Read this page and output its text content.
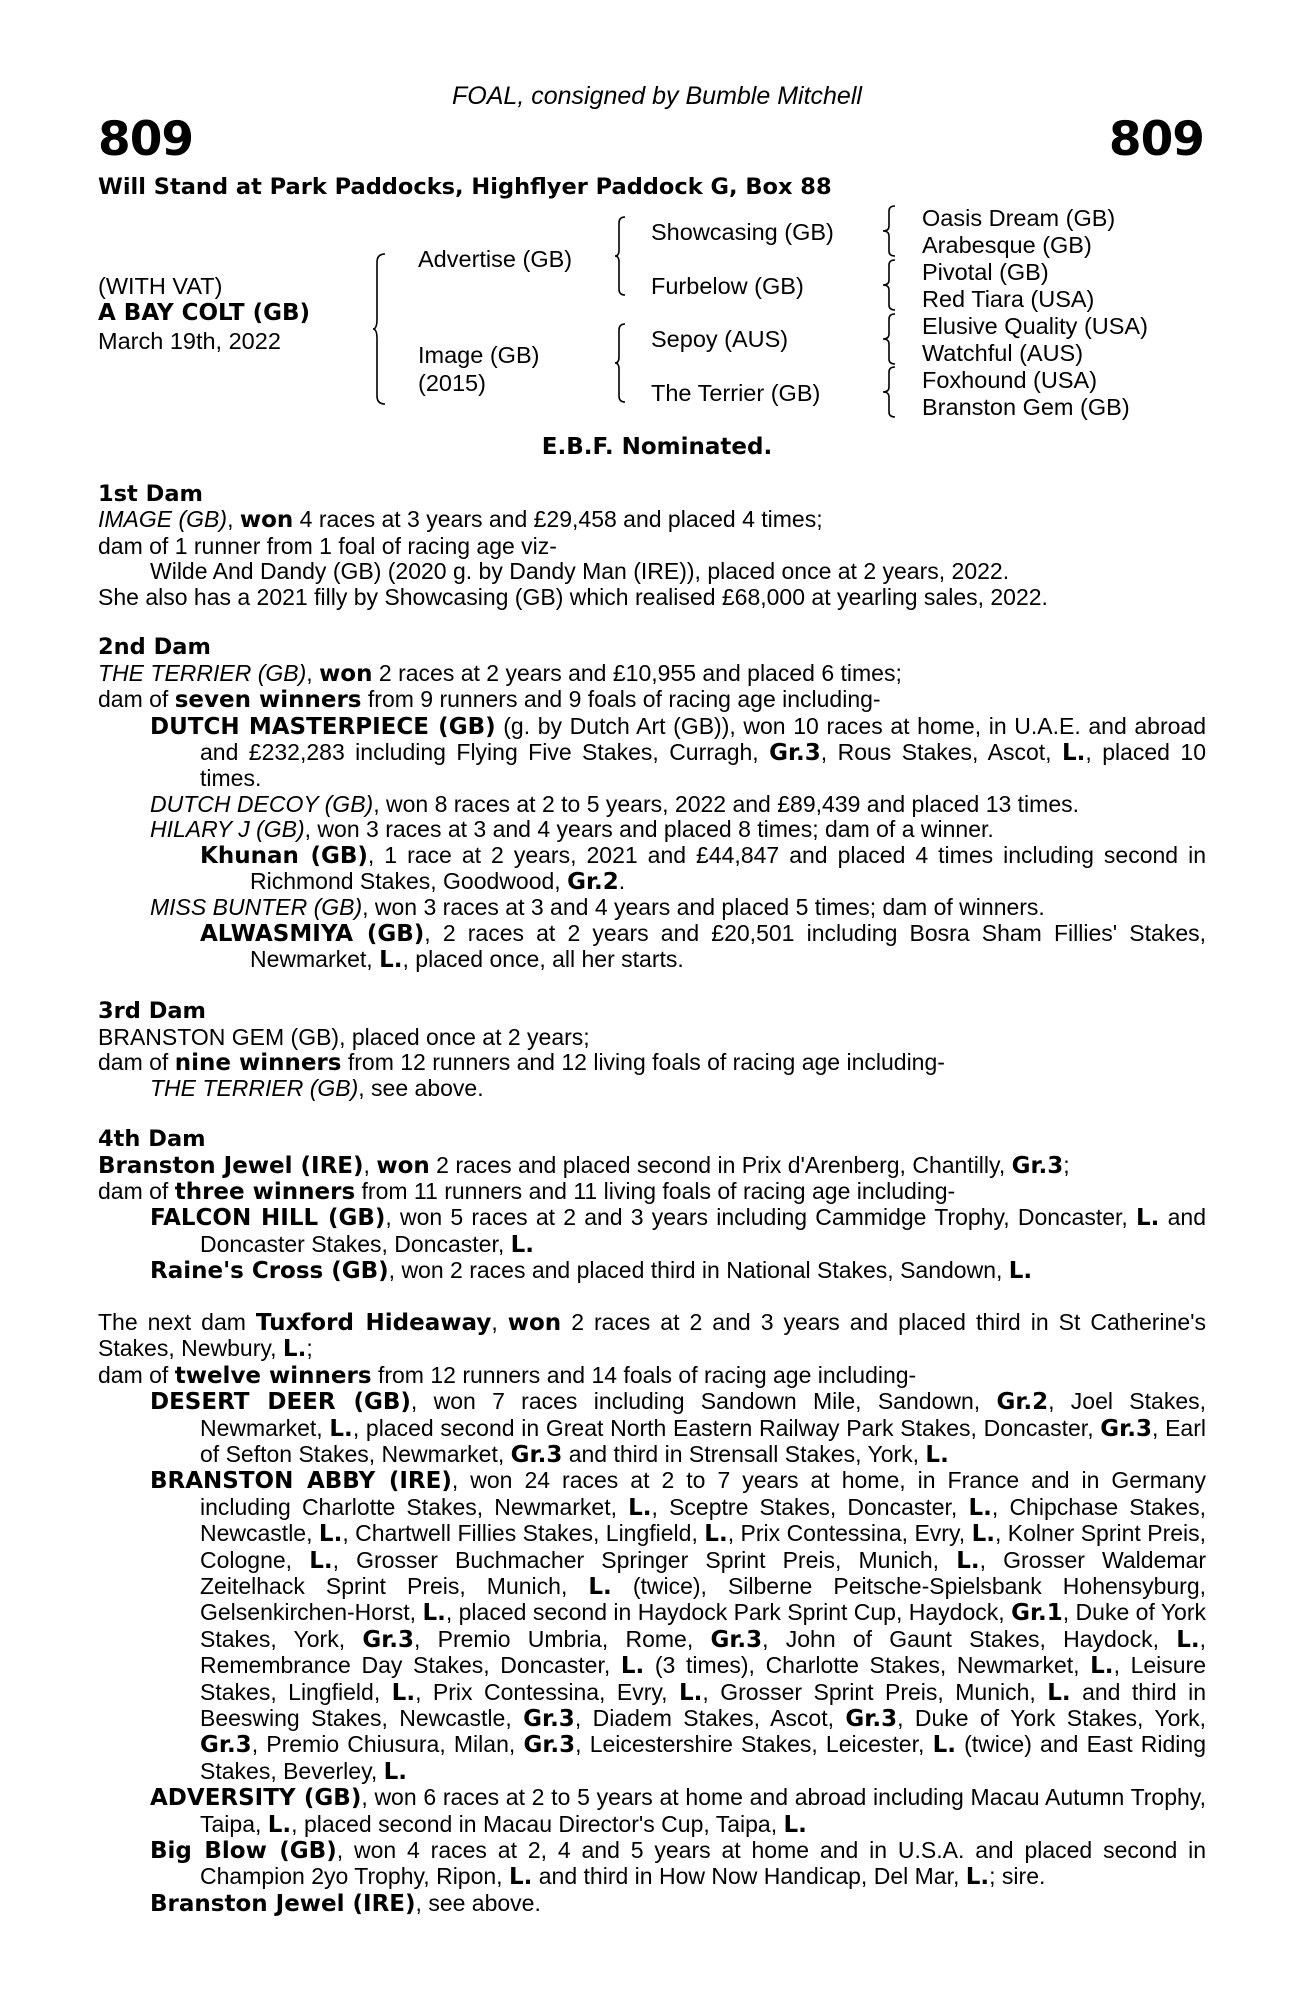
FOAL, consigned by Bumble Mitchell
809	809
Will Stand at Park Paddocks, Highflyer Paddock G, Box 88
(WITH VAT)
A BAY COLT (GB)
March 19th, 2022
Advertise (GB)
Image (GB)
(2015)
Showcasing (GB)
Furbelow (GB)
Sepoy (AUS)
The Terrier (GB)
Oasis Dream (GB)
Arabesque (GB)
Pivotal (GB)
Red Tiara (USA)
Elusive Quality (USA)
Watchful (AUS)
Foxhound (USA)
Branston Gem (GB)
E.B.F. Nominated.

1st Dam

IMAGE (GB), won 4 races at 3 years and £29,458 and placed 4 times;

dam of 1 runner from 1 foal of racing age viz-

Wilde And Dandy (GB) (2020 g. by Dandy Man (IRE)), placed once at 2 years, 2022.

She also has a 2021 filly by Showcasing (GB) which realised £68,000 at yearling sales, 2022.

2nd Dam

THE TERRIER (GB), won 2 races at 2 years and £10,955 and placed 6 times;

dam of seven winners from 9 runners and 9 foals of racing age including-

DUTCH MASTERPIECE (GB) (g. by Dutch Art (GB)), won 10 races at home, in U.A.E. and abroad and £232,283 including Flying Five Stakes, Curragh, Gr.3, Rous Stakes, Ascot, L., placed 10 times.

DUTCH DECOY (GB), won 8 races at 2 to 5 years, 2022 and £89,439 and placed 13 times.

HILARY J (GB), won 3 races at 3 and 4 years and placed 8 times; dam of a winner.

Khunan (GB), 1 race at 2 years, 2021 and £44,847 and placed 4 times including second in Richmond Stakes, Goodwood, Gr.2.

MISS BUNTER (GB), won 3 races at 3 and 4 years and placed 5 times; dam of winners.

ALWASMIYA (GB), 2 races at 2 years and £20,501 including Bosra Sham Fillies' Stakes, Newmarket, L., placed once, all her starts.

3rd Dam

BRANSTON GEM (GB), placed once at 2 years;

dam of nine winners from 12 runners and 12 living foals of racing age including-

THE TERRIER (GB), see above.

4th Dam

Branston Jewel (IRE), won 2 races and placed second in Prix d'Arenberg, Chantilly, Gr.3;

dam of three winners from 11 runners and 11 living foals of racing age including-

FALCON HILL (GB), won 5 races at 2 and 3 years including Cammidge Trophy, Doncaster, L. and Doncaster Stakes, Doncaster, L.

Raine's Cross (GB), won 2 races and placed third in National Stakes, Sandown, L.

The next dam Tuxford Hideaway, won 2 races at 2 and 3 years and placed third in St Catherine's Stakes, Newbury, L.;

dam of twelve winners from 12 runners and 14 foals of racing age including-

DESERT DEER (GB), won 7 races including Sandown Mile, Sandown, Gr.2, Joel Stakes, Newmarket, L., placed second in Great North Eastern Railway Park Stakes, Doncaster, Gr.3, Earl of Sefton Stakes, Newmarket, Gr.3 and third in Strensall Stakes, York, L.

BRANSTON ABBY (IRE), won 24 races at 2 to 7 years at home, in France and in Germany including Charlotte Stakes, Newmarket, L., Sceptre Stakes, Doncaster, L., Chipchase Stakes, Newcastle, L., Chartwell Fillies Stakes, Lingfield, L., Prix Contessina, Evry, L., Kolner Sprint Preis, Cologne, L., Grosser Buchmacher Springer Sprint Preis, Munich, L., Grosser Waldemar Zeitelhack Sprint Preis, Munich, L. (twice), Silberne Peitsche-Spielsbank Hohensyburg, Gelsenkirchen-Horst, L., placed second in Haydock Park Sprint Cup, Haydock, Gr.1, Duke of York Stakes, York, Gr.3, Premio Umbria, Rome, Gr.3, John of Gaunt Stakes, Haydock, L., Remembrance Day Stakes, Doncaster, L. (3 times), Charlotte Stakes, Newmarket, L., Leisure Stakes, Lingfield, L., Prix Contessina, Evry, L., Grosser Sprint Preis, Munich, L. and third in Beeswing Stakes, Newcastle, Gr.3, Diadem Stakes, Ascot, Gr.3, Duke of York Stakes, York, Gr.3, Premio Chiusura, Milan, Gr.3, Leicestershire Stakes, Leicester, L. (twice) and East Riding Stakes, Beverley, L.

ADVERSITY (GB), won 6 races at 2 to 5 years at home and abroad including Macau Autumn Trophy, Taipa, L., placed second in Macau Director's Cup, Taipa, L.

Big Blow (GB), won 4 races at 2, 4 and 5 years at home and in U.S.A. and placed second in Champion 2yo Trophy, Ripon, L. and third in How Now Handicap, Del Mar, L.; sire.

Branston Jewel (IRE), see above.
